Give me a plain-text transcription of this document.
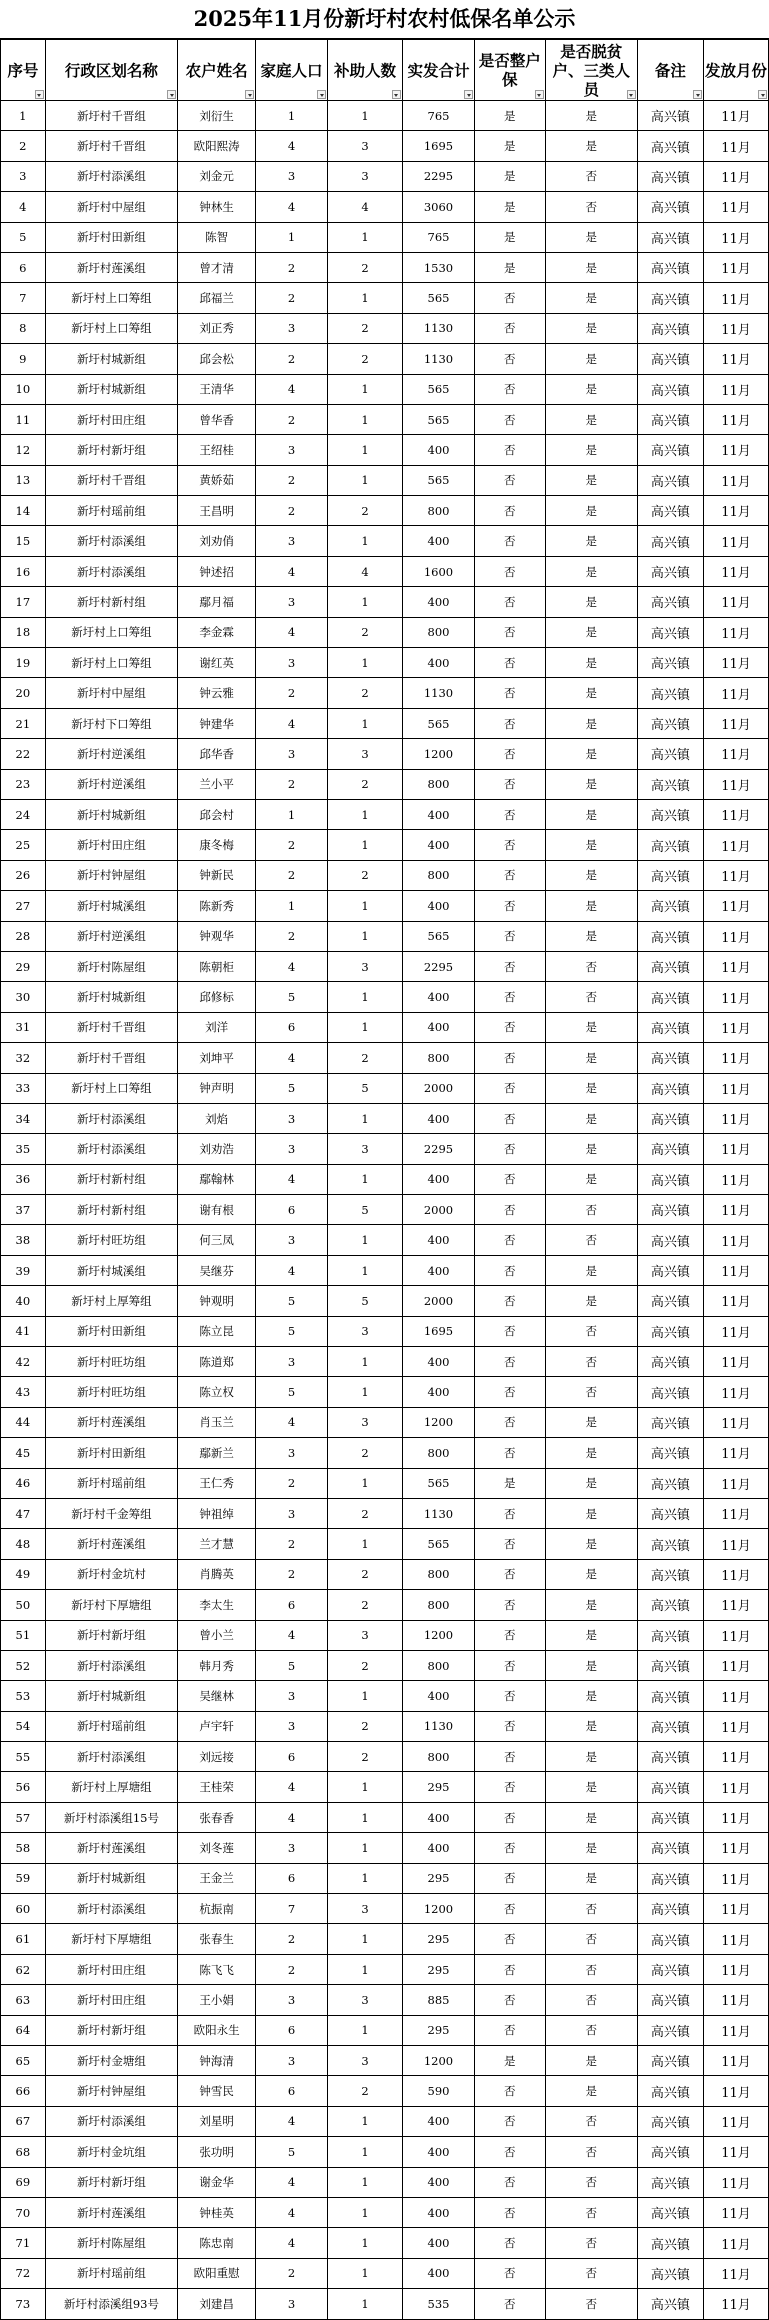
2025年11月份新圩村农村低保名单公示
序号	行政区划名称	农户姓名	家庭人口	补助人数	实发合计	是否整户保	是否脱贫户、三类人员	备注	发放月份

1	新圩村千晋组	刘衍生	1	1	765	是	是	高兴镇	11月
2	新圩村千晋组	欧阳熙涛	4	3	1695	是	是	高兴镇	11月
3	新圩村添溪组	刘金元	3	3	2295	是	否	高兴镇	11月
4	新圩村中屋组	钟林生	4	4	3060	是	否	高兴镇	11月
5	新圩村田新组	陈智	1	1	765	是	是	高兴镇	11月
6	新圩村莲溪组	曾才清	2	2	1530	是	是	高兴镇	11月
7	新圩村上口筹组	邱福兰	2	1	565	否	是	高兴镇	11月
8	新圩村上口筹组	刘正秀	3	2	1130	否	是	高兴镇	11月
9	新圩村城新组	邱会松	2	2	1130	否	是	高兴镇	11月
10	新圩村城新组	王清华	4	1	565	否	是	高兴镇	11月
11	新圩村田庄组	曾华香	2	1	565	否	是	高兴镇	11月
12	新圩村新圩组	王绍桂	3	1	400	否	是	高兴镇	11月
13	新圩村千晋组	黄娇茹	2	1	565	否	是	高兴镇	11月
14	新圩村瑶前组	王昌明	2	2	800	否	是	高兴镇	11月
15	新圩村添溪组	刘劝俏	3	1	400	否	是	高兴镇	11月
16	新圩村添溪组	钟述招	4	4	1600	否	是	高兴镇	11月
17	新圩村新村组	鄢月福	3	1	400	否	是	高兴镇	11月
18	新圩村上口筹组	李金霖	4	2	800	否	是	高兴镇	11月
19	新圩村上口筹组	谢红英	3	1	400	否	是	高兴镇	11月
20	新圩村中屋组	钟云雅	2	2	1130	否	是	高兴镇	11月
21	新圩村下口筹组	钟建华	4	1	565	否	是	高兴镇	11月
22	新圩村逆溪组	邱华香	3	3	1200	否	是	高兴镇	11月
23	新圩村逆溪组	兰小平	2	2	800	否	是	高兴镇	11月
24	新圩村城新组	邱会村	1	1	400	否	是	高兴镇	11月
25	新圩村田庄组	康冬梅	2	1	400	否	是	高兴镇	11月
26	新圩村钟屋组	钟新民	2	2	800	否	是	高兴镇	11月
27	新圩村城溪组	陈新秀	1	1	400	否	是	高兴镇	11月
28	新圩村逆溪组	钟观华	2	1	565	否	是	高兴镇	11月
29	新圩村陈屋组	陈朝柜	4	3	2295	否	否	高兴镇	11月
30	新圩村城新组	邱修标	5	1	400	否	否	高兴镇	11月
31	新圩村千晋组	刘洋	6	1	400	否	是	高兴镇	11月
32	新圩村千晋组	刘坤平	4	2	800	否	是	高兴镇	11月
33	新圩村上口筹组	钟声明	5	5	2000	否	是	高兴镇	11月
34	新圩村添溪组	刘焰	3	1	400	否	是	高兴镇	11月
35	新圩村添溪组	刘劝浩	3	3	2295	否	是	高兴镇	11月
36	新圩村新村组	鄢翰林	4	1	400	否	是	高兴镇	11月
37	新圩村新村组	谢有根	6	5	2000	否	否	高兴镇	11月
38	新圩村旺坊组	何三凤	3	1	400	否	否	高兴镇	11月
39	新圩村城溪组	吴继芬	4	1	400	否	是	高兴镇	11月
40	新圩村上厚筹组	钟观明	5	5	2000	否	是	高兴镇	11月
41	新圩村田新组	陈立昆	5	3	1695	否	否	高兴镇	11月
42	新圩村旺坊组	陈道郑	3	1	400	否	否	高兴镇	11月
43	新圩村旺坊组	陈立权	5	1	400	否	否	高兴镇	11月
44	新圩村莲溪组	肖玉兰	4	3	1200	否	是	高兴镇	11月
45	新圩村田新组	鄢新兰	3	2	800	否	是	高兴镇	11月
46	新圩村瑶前组	王仁秀	2	1	565	是	是	高兴镇	11月
47	新圩村千金筹组	钟祖绰	3	2	1130	否	是	高兴镇	11月
48	新圩村莲溪组	兰才慧	2	1	565	否	是	高兴镇	11月
49	新圩村金坑村	肖腾英	2	2	800	否	是	高兴镇	11月
50	新圩村下厚塘组	李太生	6	2	800	否	是	高兴镇	11月
51	新圩村新圩组	曾小兰	4	3	1200	否	是	高兴镇	11月
52	新圩村添溪组	韩月秀	5	2	800	否	是	高兴镇	11月
53	新圩村城新组	吴继林	3	1	400	否	是	高兴镇	11月
54	新圩村瑶前组	卢宇轩	3	2	1130	否	是	高兴镇	11月
55	新圩村添溪组	刘远接	6	2	800	否	是	高兴镇	11月
56	新圩村上厚塘组	王桂荣	4	1	295	否	是	高兴镇	11月
57	新圩村添溪组15号	张春香	4	1	400	否	是	高兴镇	11月
58	新圩村莲溪组	刘冬莲	3	1	400	否	是	高兴镇	11月
59	新圩村城新组	王金兰	6	1	295	否	是	高兴镇	11月
60	新圩村添溪组	杭振南	7	3	1200	否	否	高兴镇	11月
61	新圩村下厚塘组	张春生	2	1	295	否	否	高兴镇	11月
62	新圩村田庄组	陈飞飞	2	1	295	否	否	高兴镇	11月
63	新圩村田庄组	王小娟	3	3	885	否	否	高兴镇	11月
64	新圩村新圩组	欧阳永生	6	1	295	否	否	高兴镇	11月
65	新圩村金塘组	钟海清	3	3	1200	是	是	高兴镇	11月
66	新圩村钟屋组	钟雪民	6	2	590	否	是	高兴镇	11月
67	新圩村添溪组	刘星明	4	1	400	否	否	高兴镇	11月
68	新圩村金坑组	张功明	5	1	400	否	否	高兴镇	11月
69	新圩村新圩组	谢金华	4	1	400	否	否	高兴镇	11月
70	新圩村莲溪组	钟桂英	4	1	400	否	否	高兴镇	11月
71	新圩村陈屋组	陈忠南	4	1	400	否	否	高兴镇	11月
72	新圩村瑶前组	欧阳重慰	2	1	400	否	否	高兴镇	11月
73	新圩村添溪组93号	刘建昌	3	1	535	否	否	高兴镇	11月
